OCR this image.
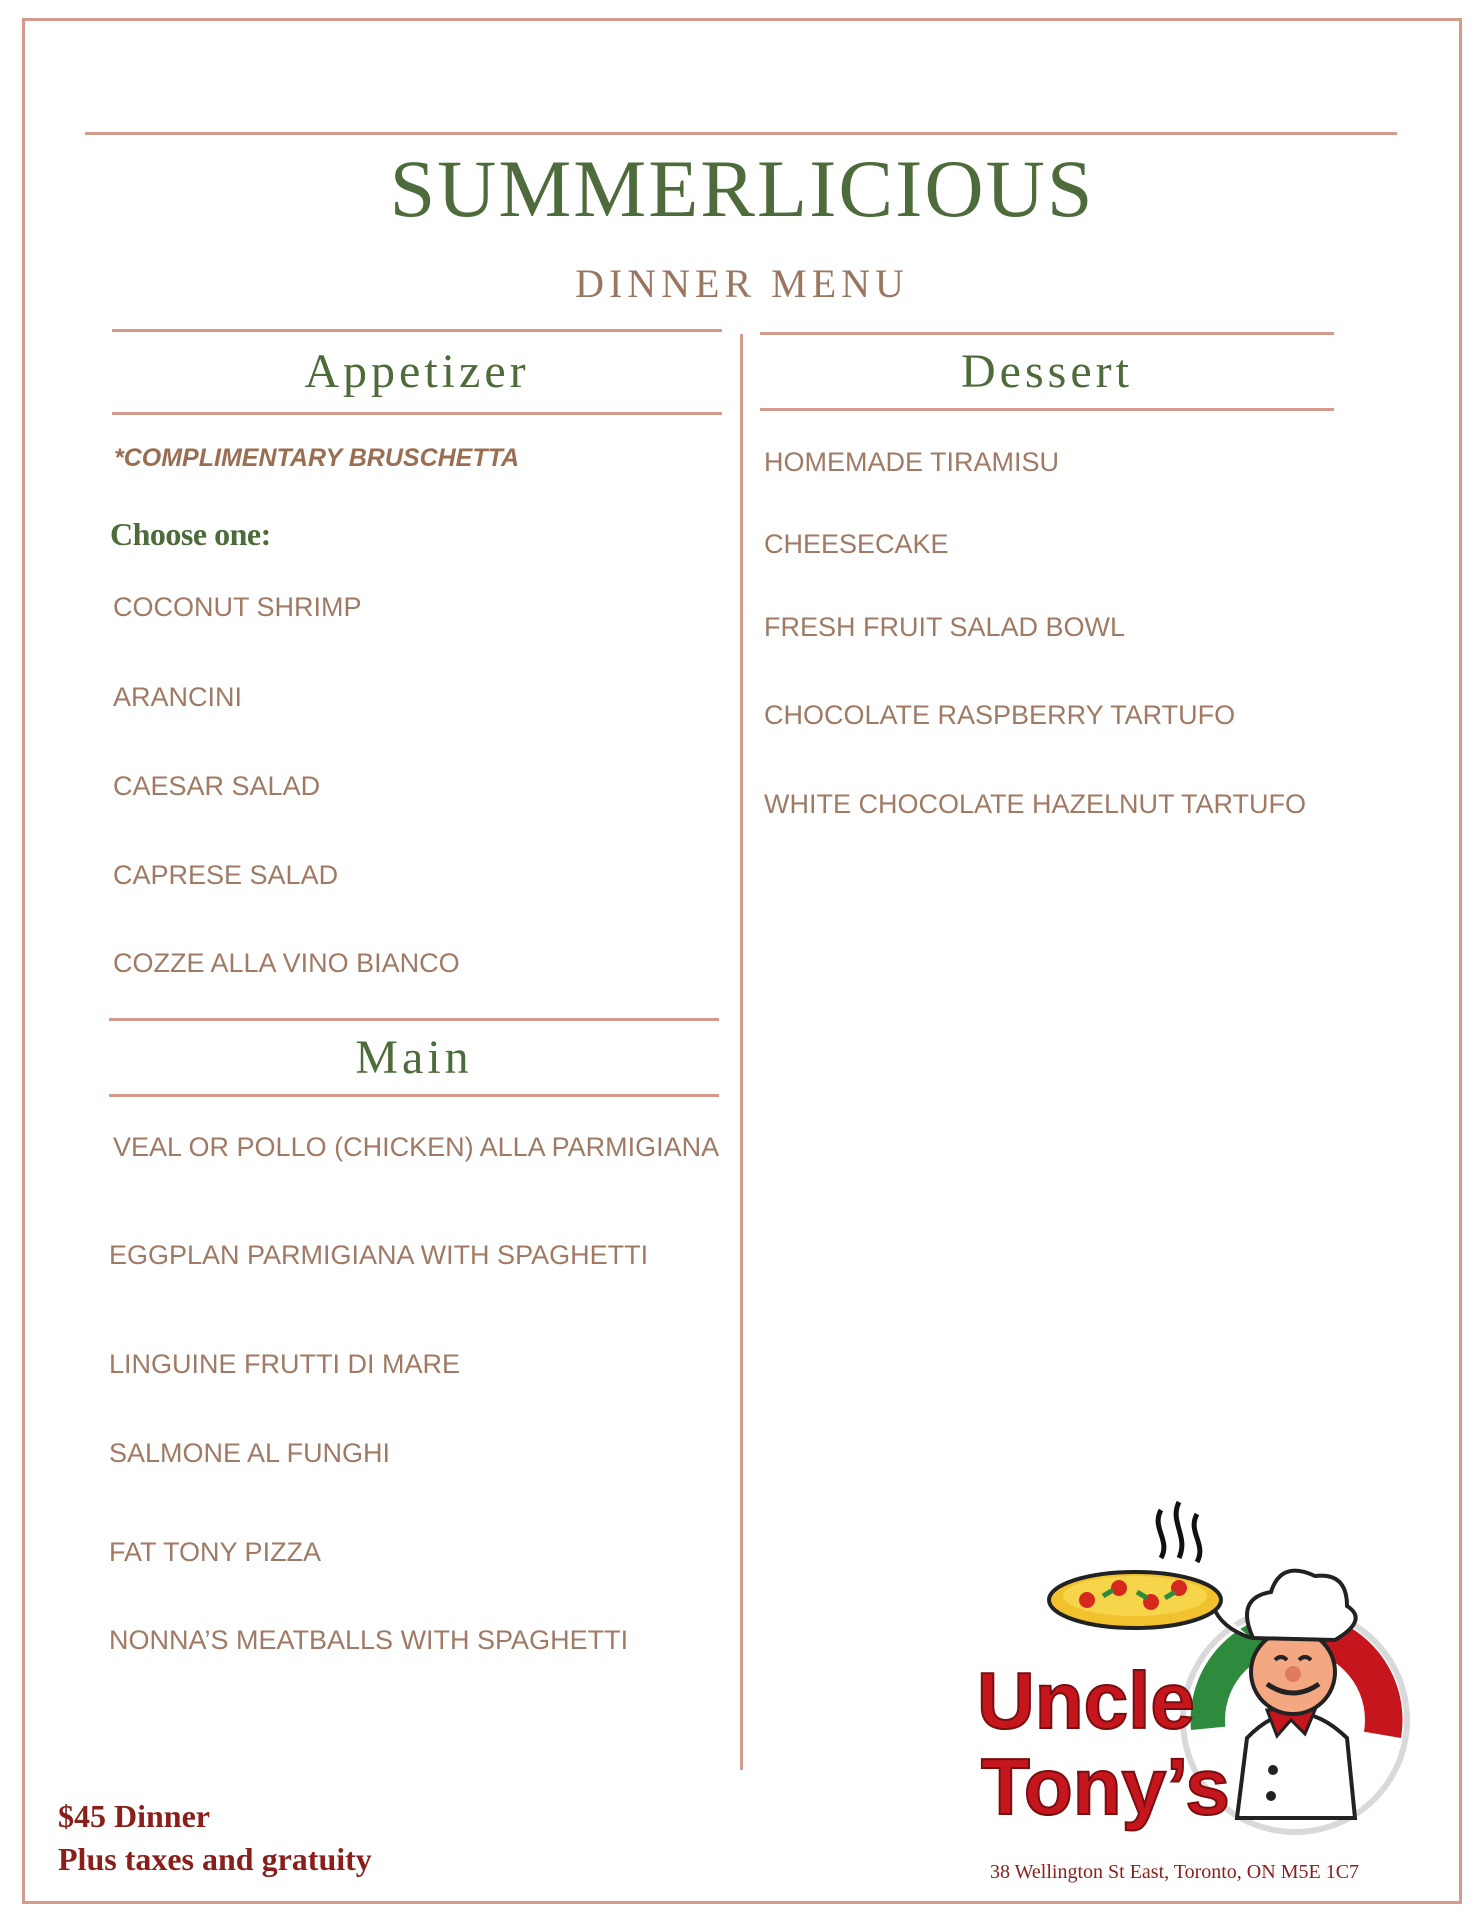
SUMMERLICIOUS
DINNER MENU
Appetizer
*COMPLIMENTARY BRUSCHETTA
Choose one:
COCONUT SHRIMP
ARANCINI
CAESAR SALAD
CAPRESE SALAD
COZZE ALLA VINO BIANCO
Main
VEAL OR POLLO (CHICKEN) ALLA PARMIGIANA
EGGPLAN PARMIGIANA WITH SPAGHETTI
LINGUINE FRUTTI DI MARE
SALMONE AL FUNGHI
FAT TONY PIZZA
NONNA’S MEATBALLS WITH SPAGHETTI
Dessert
HOMEMADE TIRAMISU
CHEESECAKE
FRESH FRUIT SALAD BOWL
CHOCOLATE RASPBERRY TARTUFO
WHITE CHOCOLATE HAZELNUT TARTUFO
$45 Dinner
Plus taxes and gratuity
Uncle
Tony’s
38 Wellington St East, Toronto, ON M5E 1C7
